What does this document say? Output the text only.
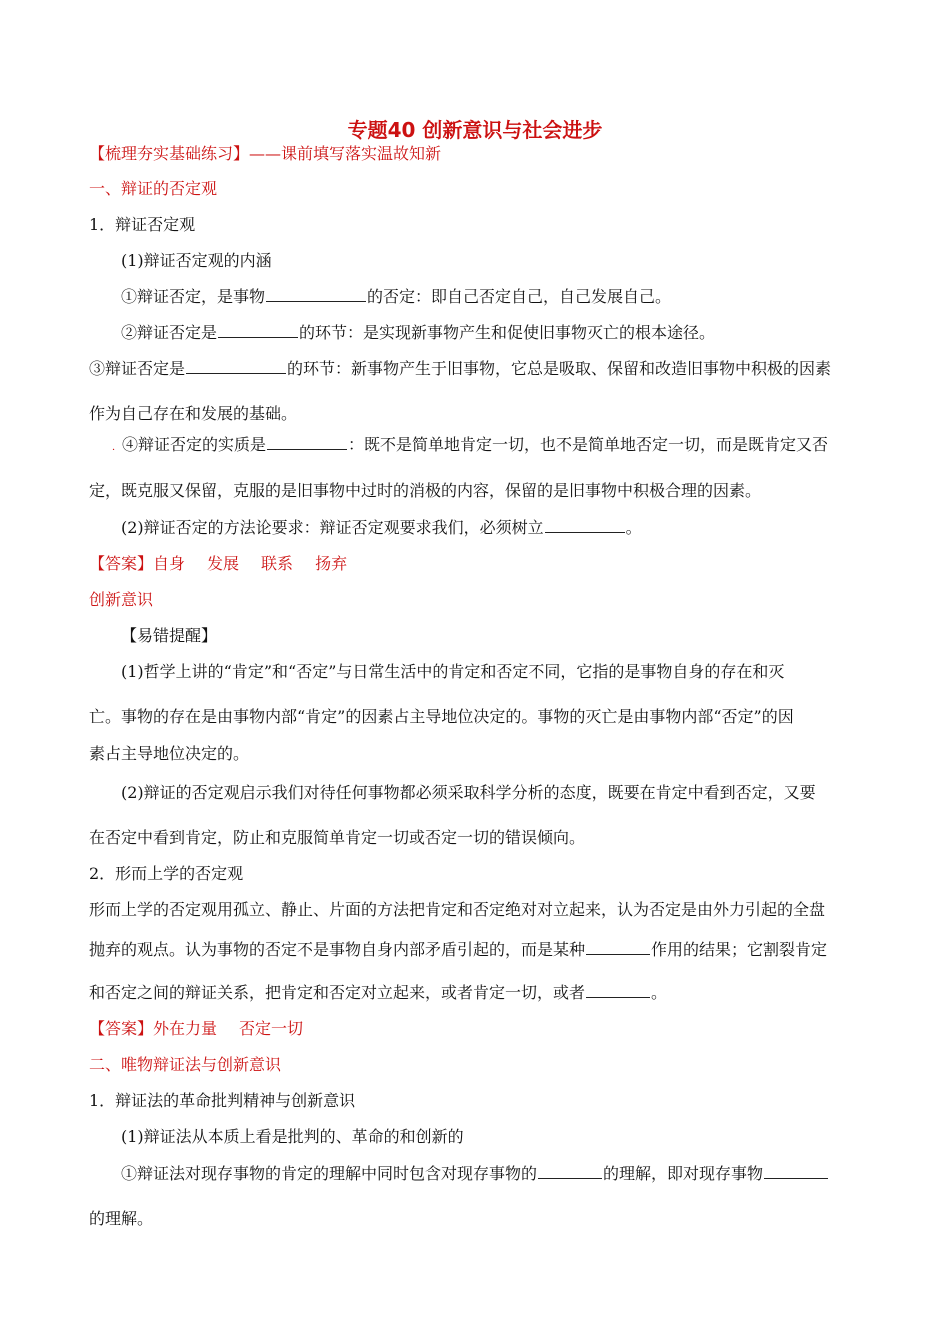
专题40 创新意识与社会进步
【梳理夯实基础练习】——课前填写落实温故知新
一、辩证的否定观
1．辩证否定观
(1)辩证否定观的内涵
①辩证否定，是事物	的否定：即自己否定自己，自己发展自己。
②辩证否定是	的环节：是实现新事物产生和促使旧事物灭亡的根本途径。
③辩证否定是	的环节：新事物产生于旧事物，它总是吸取、保留和改造旧事物中积极的因素
作为自己存在和发展的基础。
．④辩证否定的实质是	：既不是简单地肯定一切，也不是简单地否定一切，而是既肯定又否
定，既克服又保留，克服的是旧事物中过时的消极的内容，保留的是旧事物中积极合理的因素。
(2)辩证否定的方法论要求：辩证否定观要求我们，必须树立	。
【答案】自身 发展 联系 扬弃
创新意识
【易错提醒】
(1)哲学上讲的“肯定”和“否定”与日常生活中的肯定和否定不同，它指的是事物自身的存在和灭
亡。事物的存在是由事物内部“肯定”的因素占主导地位决定的。事物的灭亡是由事物内部“否定”的因
素占主导地位决定的。
(2)辩证的否定观启示我们对待任何事物都必须采取科学分析的态度，既要在肯定中看到否定，又要
在否定中看到肯定，防止和克服简单肯定一切或否定一切的错误倾向。
2．形而上学的否定观
形而上学的否定观用孤立、静止、片面的方法把肯定和否定绝对对立起来，认为否定是由外力引起的全盘
抛弃的观点。认为事物的否定不是事物自身内部矛盾引起的，而是某种	作用的结果；它割裂肯定
和否定之间的辩证关系，把肯定和否定对立起来，或者肯定一切，或者	。
【答案】外在力量 否定一切
二、唯物辩证法与创新意识
1．辩证法的革命批判精神与创新意识
(1)辩证法从本质上看是批判的、革命的和创新的
①辩证法对现存事物的肯定的理解中同时包含对现存事物的	的理解，即对现存事物
的理解。
